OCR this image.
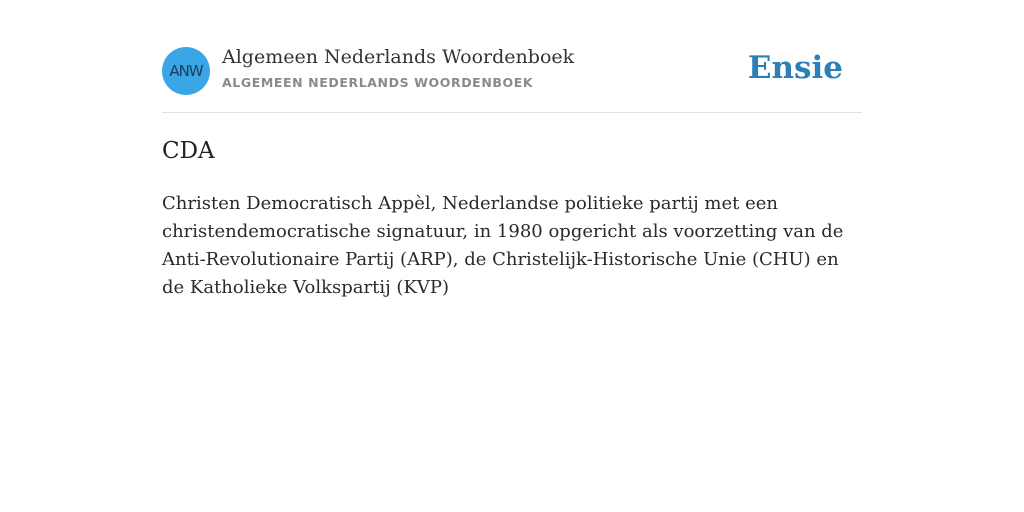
ANW
Algemeen Nederlands Woordenboek
ALGEMEEN NEDERLANDS WOORDENBOEK	Ensie
CDA

Christen Democratisch Appèl, Nederlandse politieke partij met een christendemocratische signatuur, in 1980 opgericht als voorzetting van de Anti-Revolutionaire Partij (ARP), de Christelijk-Historische Unie (CHU) en de Katholieke Volkspartij (KVP)
